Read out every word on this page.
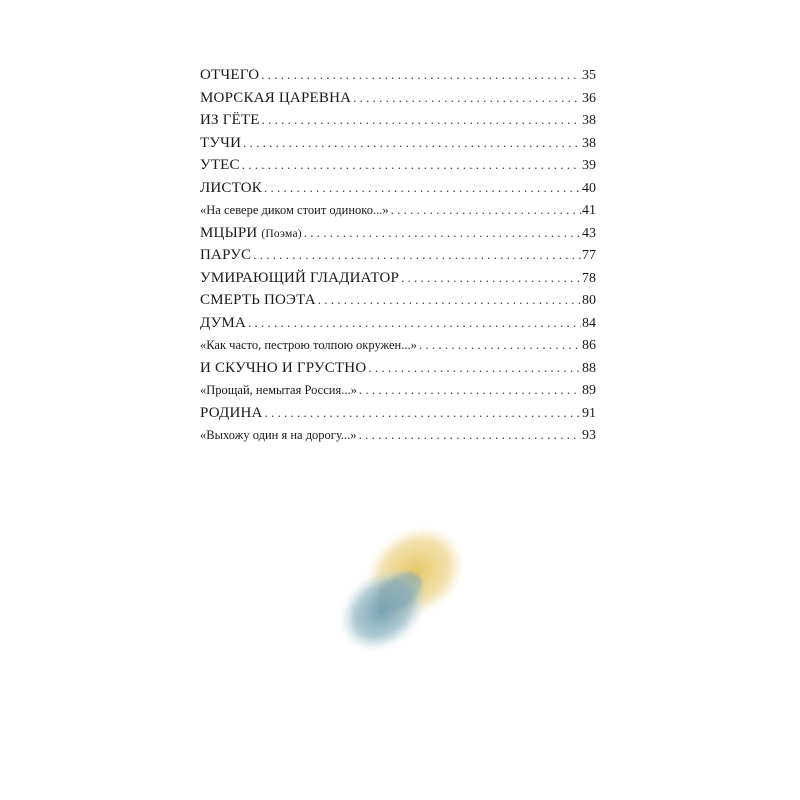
ОТЧЕГО . . .	35
МОРСКАЯ ЦАРЕВНА . . .	36
ИЗ ГЁТЕ . . .	38
ТУЧИ . . .	38
УТЕС . . .	39
ЛИСТОК . . .	40
«На севере диком стоит одиноко...» . . .	41
МЦЫРИ (Поэма) . . .	43
ПАРУС . . .	77
УМИРАЮЩИЙ ГЛАДИАТОР . . .	78
СМЕРТЬ ПОЭТА . . .	80
ДУМА . . .	84
«Как часто, пестрою толпою окружен...» . . .	86
И СКУЧНО И ГРУСТНО . . .	88
«Прощай, немытая Россия...» . . .	89
РОДИНА . . .	91
«Выхожу один я на дорогу...» . . .	93
